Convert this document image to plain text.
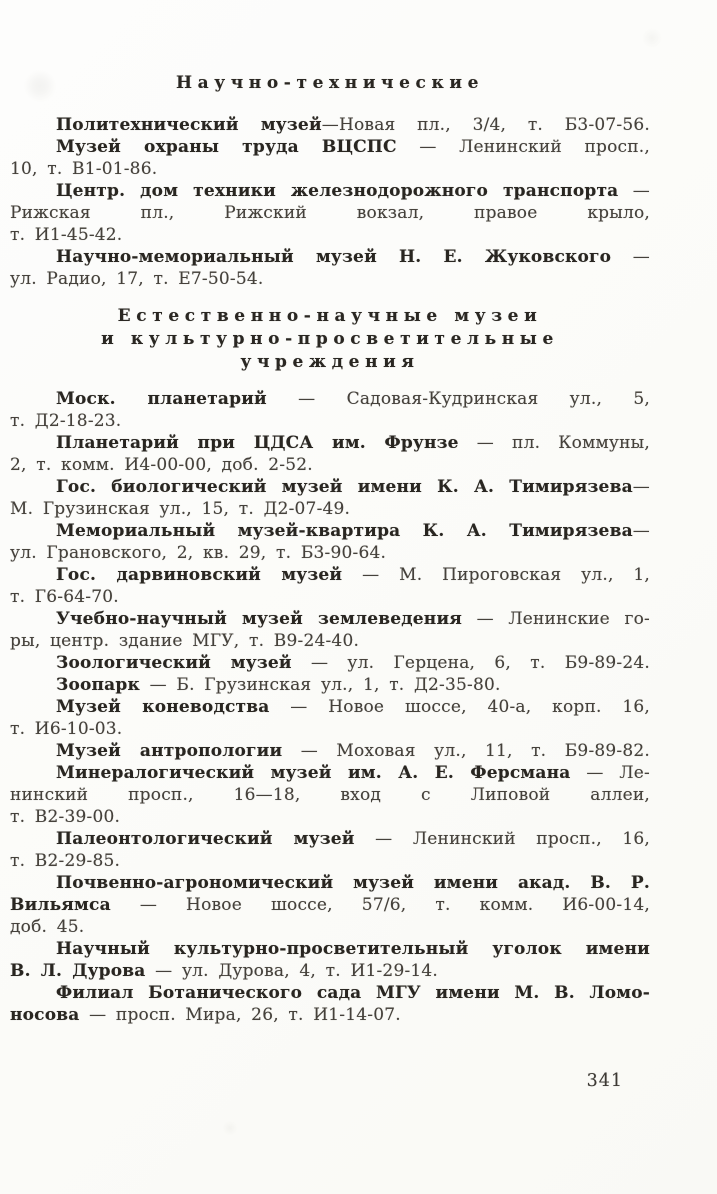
Научно-технические
Политехнический музей—Новая пл., 3/4, т. Б3-07-56.
Музей охраны труда ВЦСПС — Ленинский просп.,
10, т. В1-01-86.
Центр. дом техники железнодорожного транспорта —
Рижская пл., Рижский вокзал, правое крыло,
т. И1-45-42.
Научно-мемориальный музей Н. Е. Жуковского —
ул. Радио, 17, т. Е7-50-54.
Естественно-научные музеи
и культурно-просветительные
учреждения
Моск. планетарий — Садовая-Кудринская ул., 5,
т. Д2-18-23.
Планетарий при ЦДСА им. Фрунзе — пл. Коммуны,
2, т. комм. И4-00-00, доб. 2-52.
Гос. биологический музей имени К. А. Тимирязева—
М. Грузинская ул., 15, т. Д2-07-49.
Мемориальный музей-квартира К. А. Тимирязева—
ул. Грановского, 2, кв. 29, т. Б3-90-64.
Гос. дарвиновский музей — М. Пироговская ул., 1,
т. Г6-64-70.
Учебно-научный музей землеведения — Ленинские го-
ры, центр. здание МГУ, т. В9-24-40.
Зоологический музей — ул. Герцена, 6, т. Б9-89-24.
Зоопарк — Б. Грузинская ул., 1, т. Д2-35-80.
Музей коневодства — Новое шоссе, 40-а, корп. 16,
т. И6-10-03.
Музей антропологии — Моховая ул., 11, т. Б9-89-82.
Минералогический музей им. А. Е. Ферсмана — Ле-
нинский просп., 16—18, вход с Липовой аллеи,
т. В2-39-00.
Палеонтологический музей — Ленинский просп., 16,
т. В2-29-85.
Почвенно-агрономический музей имени акад. В. Р.
Вильямса — Новое шоссе, 57/6, т. комм. И6-00-14,
доб. 45.
Научный культурно-просветительный уголок имени
В. Л. Дурова — ул. Дурова, 4, т. И1-29-14.
Филиал Ботанического сада МГУ имени М. В. Ломо-
носова — просп. Мира, 26, т. И1-14-07.
341
